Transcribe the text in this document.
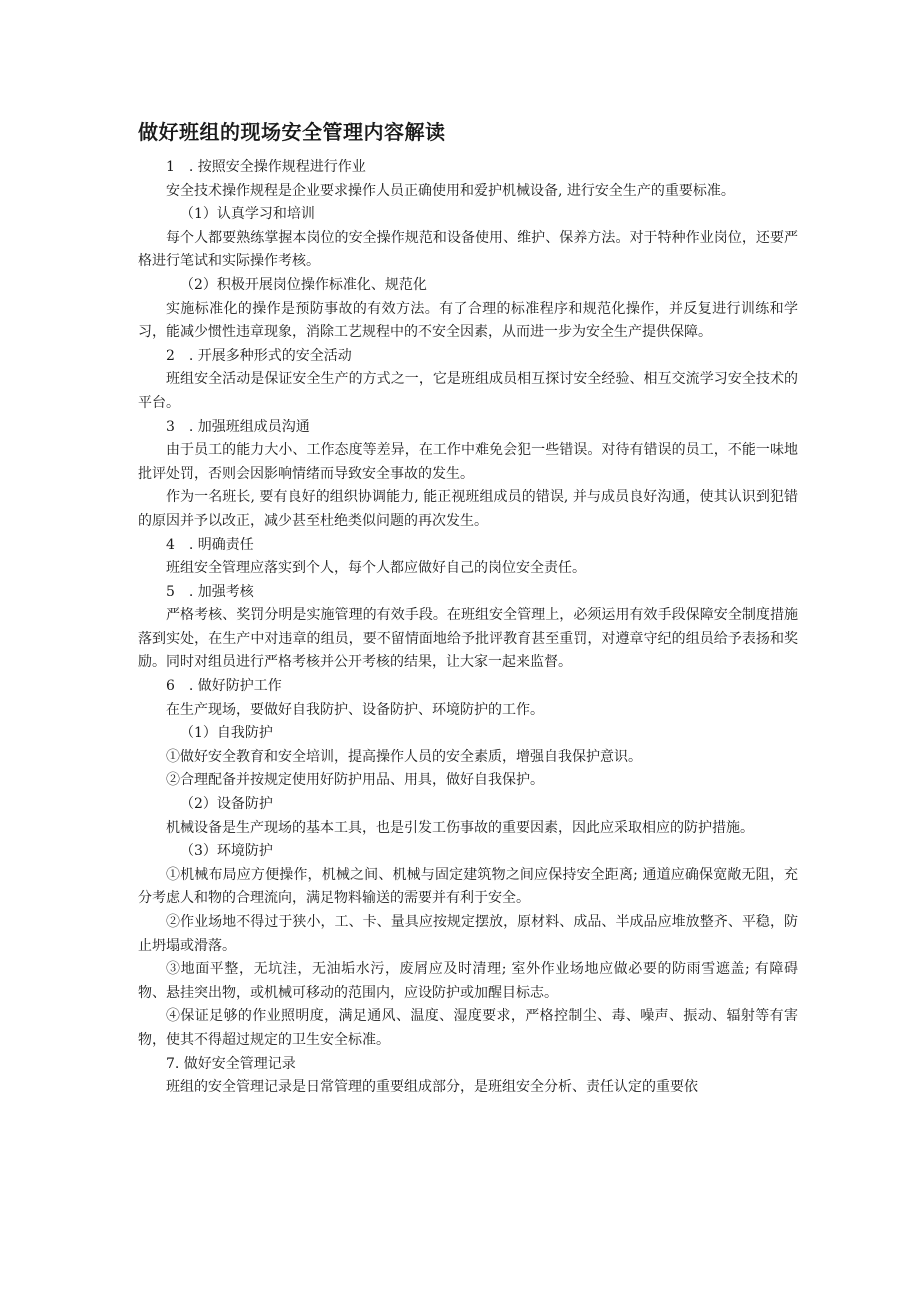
做好班组的现场安全管理内容解读

1　. 按照安全操作规程进行作业

安全技术操作规程是企业要求操作人员正确使用和爱护机械设备, 进行安全生产的重要标准。

（1）认真学习和培训

每个人都要熟练掌握本岗位的安全操作规范和设备使用、维护、保养方法。对于特种作业岗位，还要严格进行笔试和实际操作考核。

（2）积极开展岗位操作标准化、规范化

实施标准化的操作是预防事故的有效方法。有了合理的标准程序和规范化操作，并反复进行训练和学习，能减少惯性违章现象，消除工艺规程中的不安全因素，从而进一步为安全生产提供保障。

2　. 开展多种形式的安全活动

班组安全活动是保证安全生产的方式之一，它是班组成员相互探讨安全经验、相互交流学习安全技术的平台。

3　. 加强班组成员沟通

由于员工的能力大小、工作态度等差异，在工作中难免会犯一些错误。对待有错误的员工，不能一味地批评处罚，否则会因影响情绪而导致安全事故的发生。

作为一名班长, 要有良好的组织协调能力, 能正视班组成员的错误, 并与成员良好沟通，使其认识到犯错的原因并予以改正，减少甚至杜绝类似问题的再次发生。

4　. 明确责任

班组安全管理应落实到个人，每个人都应做好自己的岗位安全责任。

5　. 加强考核

严格考核、奖罚分明是实施管理的有效手段。在班组安全管理上，必须运用有效手段保障安全制度措施落到实处，在生产中对违章的组员，要不留情面地给予批评教育甚至重罚，对遵章守纪的组员给予表扬和奖励。同时对组员进行严格考核并公开考核的结果，让大家一起来监督。

6　. 做好防护工作

在生产现场，要做好自我防护、设备防护、环境防护的工作。

（1）自我防护

①做好安全教育和安全培训，提高操作人员的安全素质，增强自我保护意识。

②合理配备并按规定使用好防护用品、用具，做好自我保护。

（2）设备防护

机械设备是生产现场的基本工具，也是引发工伤事故的重要因素，因此应采取相应的防护措施。

（3）环境防护

①机械布局应方便操作，机械之间、机械与固定建筑物之间应保持安全距离; 通道应确保宽敞无阻，充分考虑人和物的合理流向，满足物料输送的需要并有利于安全。

②作业场地不得过于狭小，工、卡、量具应按规定摆放，原材料、成品、半成品应堆放整齐、平稳，防止坍塌或滑落。

③地面平整，无坑洼，无油垢水污，废屑应及时清理; 室外作业场地应做必要的防雨雪遮盖; 有障碍物、悬挂突出物，或机械可移动的范围内，应设防护或加醒目标志。

④保证足够的作业照明度，满足通风、温度、湿度要求，严格控制尘、毒、噪声、振动、辐射等有害物，使其不得超过规定的卫生安全标准。

7. 做好安全管理记录

班组的安全管理记录是日常管理的重要组成部分，是班组安全分析、责任认定的重要依
